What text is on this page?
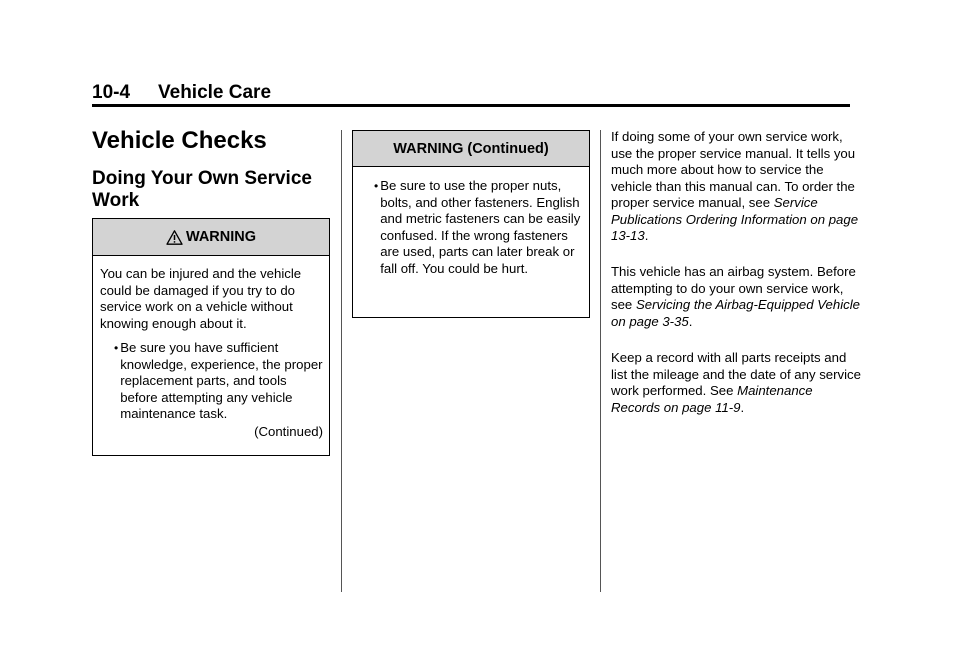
10-4 Vehicle Care
Vehicle Checks
Doing Your Own Service Work
WARNING
You can be injured and the vehicle could be damaged if you try to do service work on a vehicle without knowing enough about it.
• Be sure you have sufficient knowledge, experience, the proper replacement parts, and tools before attempting any vehicle maintenance task.
(Continued)
WARNING (Continued)
• Be sure to use the proper nuts, bolts, and other fasteners. English and metric fasteners can be easily confused. If the wrong fasteners are used, parts can later break or fall off. You could be hurt.
If doing some of your own service work, use the proper service manual. It tells you much more about how to service the vehicle than this manual can. To order the proper service manual, see Service Publications Ordering Information on page 13-13.
This vehicle has an airbag system. Before attempting to do your own service work, see Servicing the Airbag-Equipped Vehicle on page 3-35.
Keep a record with all parts receipts and list the mileage and the date of any service work performed. See Maintenance Records on page 11-9.
